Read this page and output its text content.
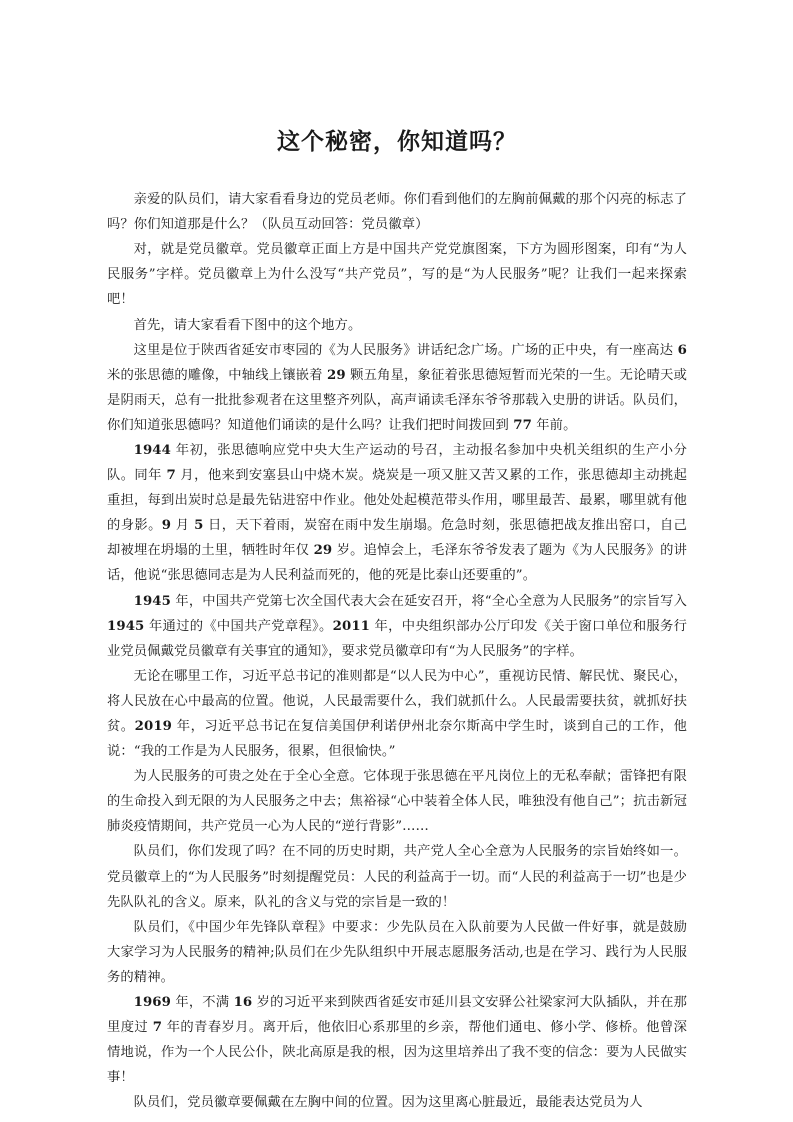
这个秘密，你知道吗？

亲爱的队员们，请大家看看身边的党员老师。你们看到他们的左胸前佩戴的那个闪亮的标志了吗？你们知道那是什么？（队员互动回答：党员徽章）

对，就是党员徽章。党员徽章正面上方是中国共产党党旗图案，下方为圆形图案，印有“为人民服务”字样。党员徽章上为什么没写“共产党员”，写的是“为人民服务”呢？让我们一起来探索吧！

首先，请大家看看下图中的这个地方。

这里是位于陕西省延安市枣园的《为人民服务》讲话纪念广场。广场的正中央，有一座高达 6 米的张思德的雕像，中轴线上镶嵌着 29 颗五角星，象征着张思德短暂而光荣的一生。无论晴天或是阴雨天，总有一批批参观者在这里整齐列队，高声诵读毛泽东爷爷那载入史册的讲话。队员们，你们知道张思德吗？知道他们诵读的是什么吗？让我们把时间拨回到 77 年前。

1944 年初，张思德响应党中央大生产运动的号召，主动报名参加中央机关组织的生产小分队。同年 7 月，他来到安塞县山中烧木炭。烧炭是一项又脏又苦又累的工作，张思德却主动挑起重担，每到出炭时总是最先钻进窑中作业。他处处起模范带头作用，哪里最苦、最累，哪里就有他的身影。9 月 5 日，天下着雨，炭窑在雨中发生崩塌。危急时刻，张思德把战友推出窑口，自己却被埋在坍塌的土里，牺牲时年仅 29 岁。追悼会上，毛泽东爷爷发表了题为《为人民服务》的讲话，他说“张思德同志是为人民利益而死的，他的死是比泰山还要重的”。

1945 年，中国共产党第七次全国代表大会在延安召开，将“全心全意为人民服务”的宗旨写入 1945 年通过的《中国共产党章程》。2011 年，中央组织部办公厅印发《关于窗口单位和服务行业党员佩戴党员徽章有关事宜的通知》，要求党员徽章印有“为人民服务”的字样。

无论在哪里工作，习近平总书记的准则都是“以人民为中心”，重视访民情、解民忧、聚民心，将人民放在心中最高的位置。他说，人民最需要什么，我们就抓什么。人民最需要扶贫，就抓好扶贫。2019 年，习近平总书记在复信美国伊利诺伊州北奈尔斯高中学生时，谈到自己的工作，他说：“我的工作是为人民服务，很累，但很愉快。”

为人民服务的可贵之处在于全心全意。它体现于张思德在平凡岗位上的无私奉献；雷锋把有限的生命投入到无限的为人民服务之中去；焦裕禄“心中装着全体人民，唯独没有他自己”；抗击新冠肺炎疫情期间，共产党员一心为人民的“逆行背影”……

队员们，你们发现了吗？在不同的历史时期，共产党人全心全意为人民服务的宗旨始终如一。党员徽章上的“为人民服务”时刻提醒党员：人民的利益高于一切。而“人民的利益高于一切”也是少先队队礼的含义。原来，队礼的含义与党的宗旨是一致的！

队员们，《中国少年先锋队章程》中要求：少先队员在入队前要为人民做一件好事，就是鼓励大家学习为人民服务的精神;队员们在少先队组织中开展志愿服务活动,也是在学习、践行为人民服务的精神。

1969 年，不满 16 岁的习近平来到陕西省延安市延川县文安驿公社梁家河大队插队，并在那里度过 7 年的青春岁月。离开后，他依旧心系那里的乡亲，帮他们通电、修小学、修桥。他曾深情地说，作为一个人民公仆，陕北高原是我的根，因为这里培养出了我不变的信念：要为人民做实事！

队员们，党员徽章要佩戴在左胸中间的位置。因为这里离心脏最近，最能表达党员为人
